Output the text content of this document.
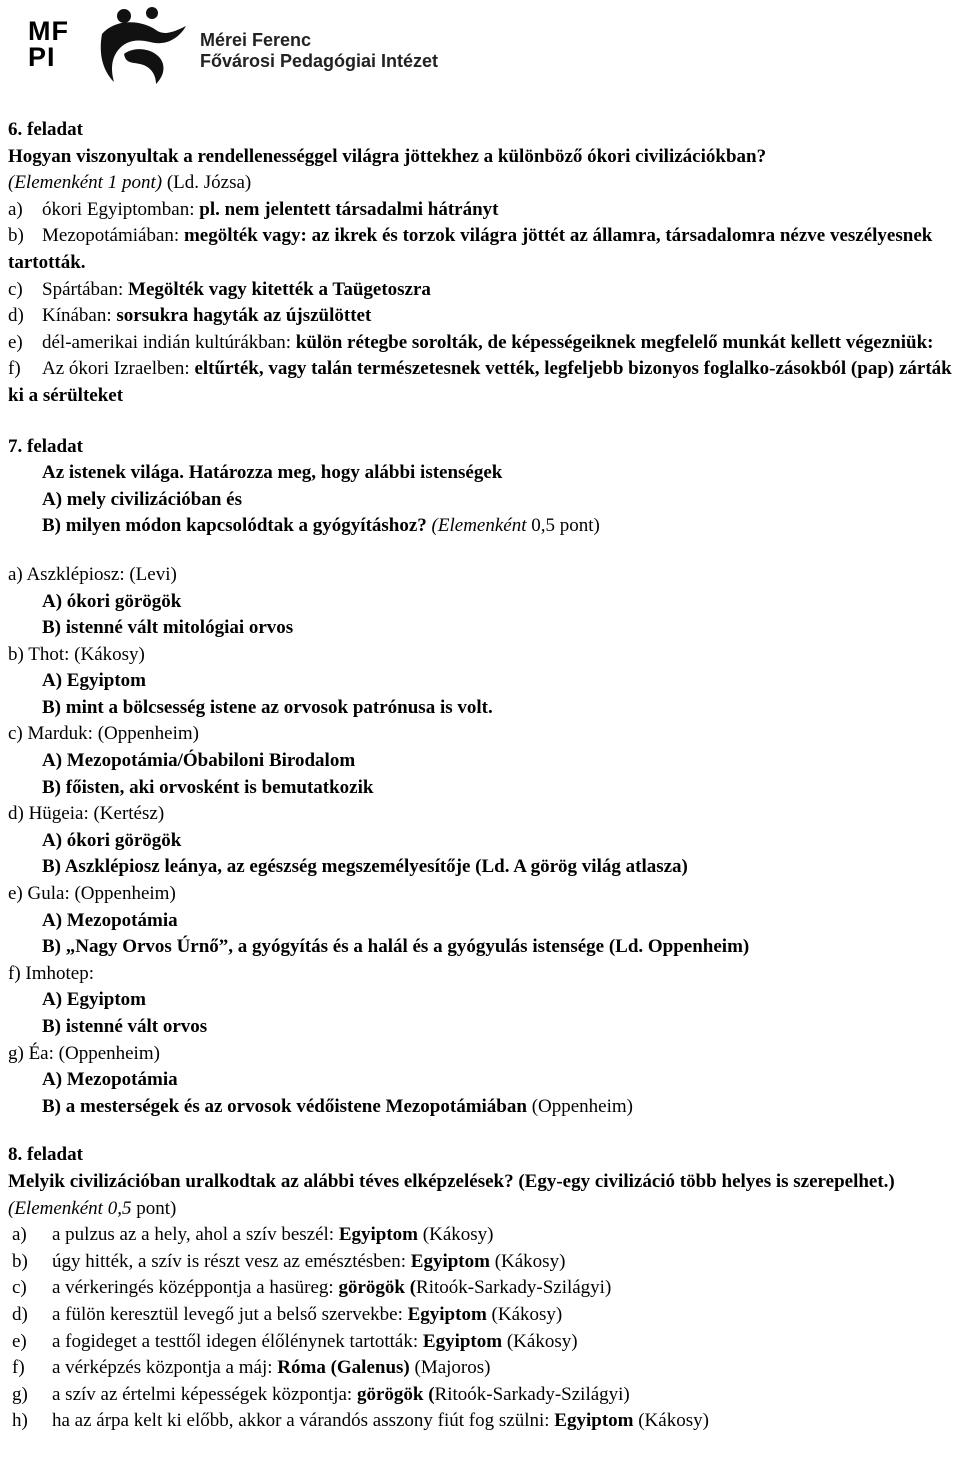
MF
PI
Mérei Ferenc
Fővárosi Pedagógiai Intézet
6. feladat
Hogyan viszonyultak a rendellenességgel világra jöttekhez a különböző ókori civilizációkban?
(Elemenként 1 pont) (Ld. Józsa)
a) ókori Egyiptomban: pl. nem jelentett társadalmi hátrányt
b) Mezopotámiában: megölték vagy: az ikrek és torzok világra jöttét az államra, társadalomra nézve veszélyesnek tartották.
c) Spártában: Megölték vagy kitették a Taügetoszra
d) Kínában: sorsukra hagyták az újszülöttet
e) dél-amerikai indián kultúrákban: külön rétegbe sorolták, de képességeiknek megfelelő munkát kellett végezniük:
f) Az ókori Izraelben: eltűrték, vagy talán természetesnek vették, legfeljebb bizonyos foglalko-zásokból (pap) zárták ki a sérülteket
7. feladat
Az istenek világa. Határozza meg, hogy alábbi istenségek
A) mely civilizációban és
B) milyen módon kapcsolódtak a gyógyításhoz? (Elemenként 0,5 pont)
a) Aszklépiosz: (Levi)
A) ókori görögök
B) istenné vált mitológiai orvos
b) Thot: (Kákosy)
A) Egyiptom
B) mint a bölcsesség istene az orvosok patrónusa is volt.
c) Marduk: (Oppenheim)
A) Mezopotámia/Óbabiloni Birodalom
B) főisten, aki orvosként is bemutatkozik
d) Hügeia: (Kertész)
A) ókori görögök
B) Aszklépiosz leánya, az egészség megszemélyesítője (Ld. A görög világ atlasza)
e) Gula: (Oppenheim)
A) Mezopotámia
B) „Nagy Orvos Úrnő”, a gyógyítás és a halál és a gyógyulás istensége (Ld. Oppenheim)
f) Imhotep:
A) Egyiptom
B) istenné vált orvos
g) Éa: (Oppenheim)
A) Mezopotámia
B) a mesterségek és az orvosok védőistene Mezopotámiában (Oppenheim)
8. feladat
Melyik civilizációban uralkodtak az alábbi téves elképzelések? (Egy-egy civilizáció több helyes is szerepelhet.) (Elemenként 0,5 pont)
a) a pulzus az a hely, ahol a szív beszél: Egyiptom (Kákosy)
b) úgy hitték, a szív is részt vesz az emésztésben: Egyiptom (Kákosy)
c) a vérkeringés középpontja a hasüreg: görögök (Ritoók-Sarkady-Szilágyi)
d) a fülön keresztül levegő jut a belső szervekbe: Egyiptom (Kákosy)
e) a fogideget a testtől idegen élőlénynek tartották: Egyiptom (Kákosy)
f) a vérképzés központja a máj: Róma (Galenus) (Majoros)
g) a szív az értelmi képességek központja: görögök (Ritoók-Sarkady-Szilágyi)
h) ha az árpa kelt ki előbb, akkor a várandós asszony fiút fog szülni: Egyiptom (Kákosy)
